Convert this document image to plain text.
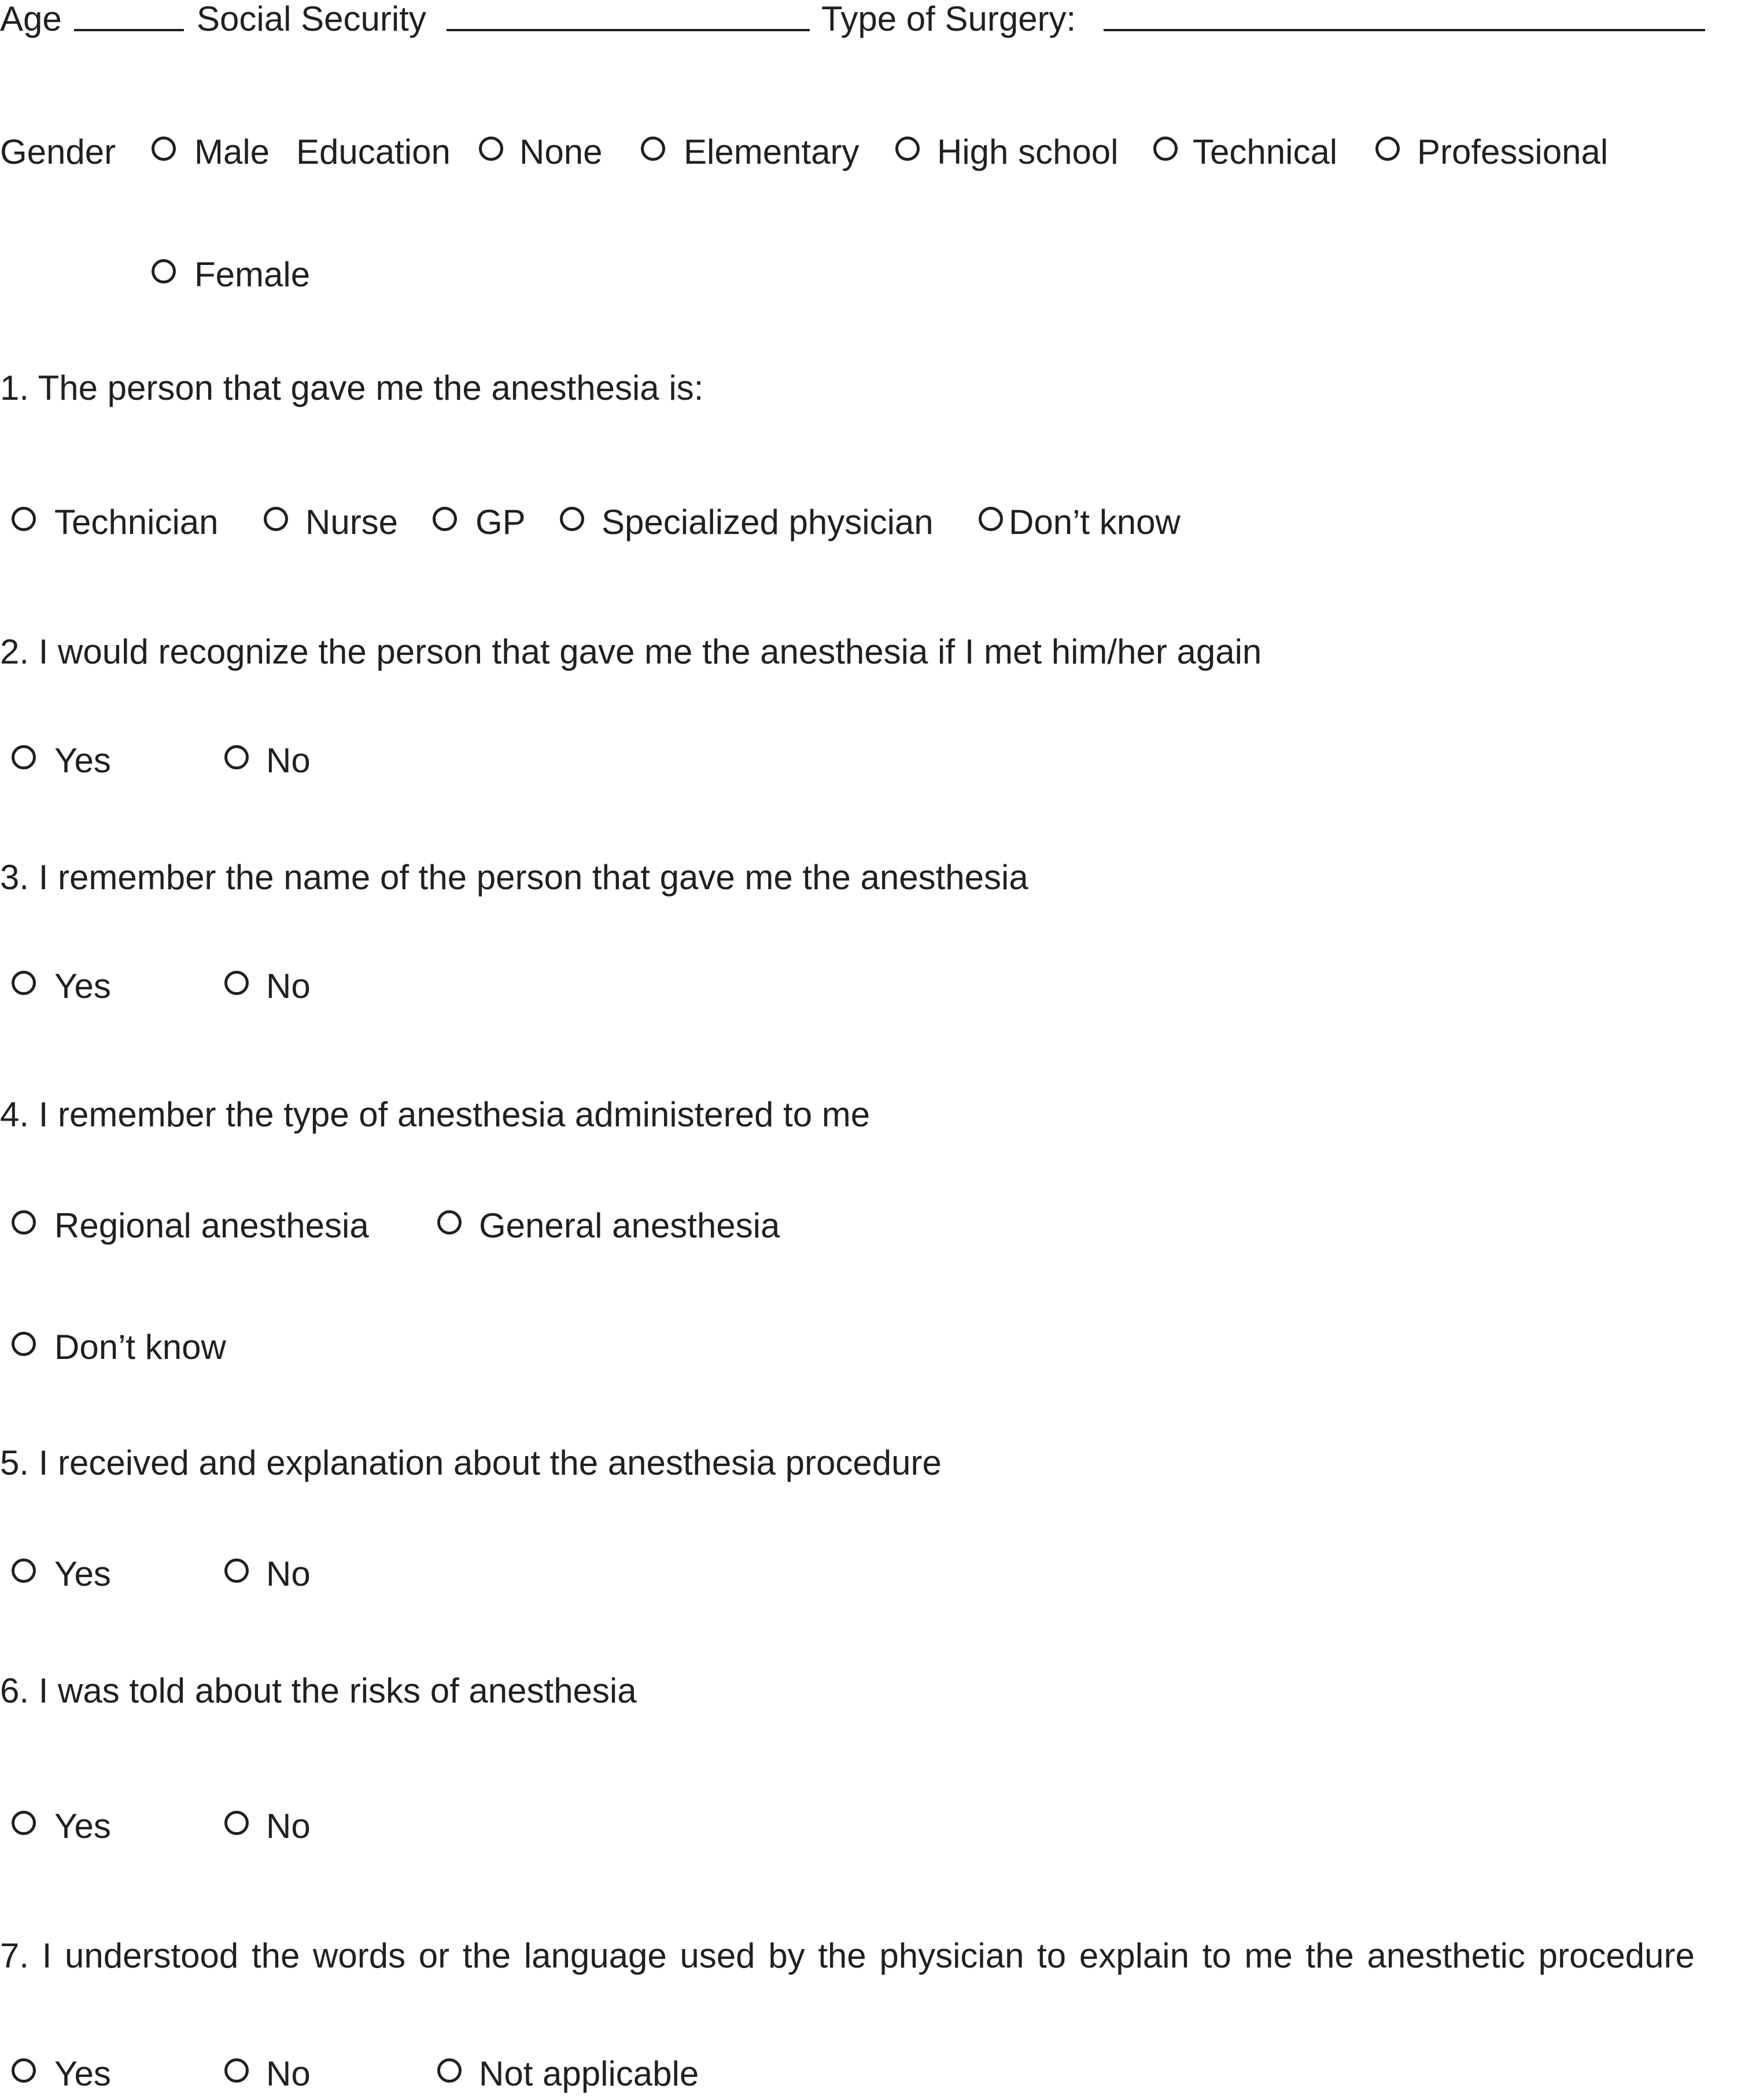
Age	Social Security	Type of Surgery:
Gender Male Education None Elementary High school Technical Professional
Female
1. The person that gave me the anesthesia is:
Technician	Nurse GP Specialized physician Don’t know
2. I would recognize the person that gave me the anesthesia if I met him/her again
Yes	No
3. I remember the name of the person that gave me the anesthesia
Yes	No
4. I remember the type of anesthesia administered to me
Regional anesthesia	General anesthesia
Don’t know
5. I received and explanation about the anesthesia procedure
Yes	No
6. I was told about the risks of anesthesia
Yes	No
7. I understood the words or the language used by the physician to explain to me the anesthetic procedure
Yes	No	Not applicable
